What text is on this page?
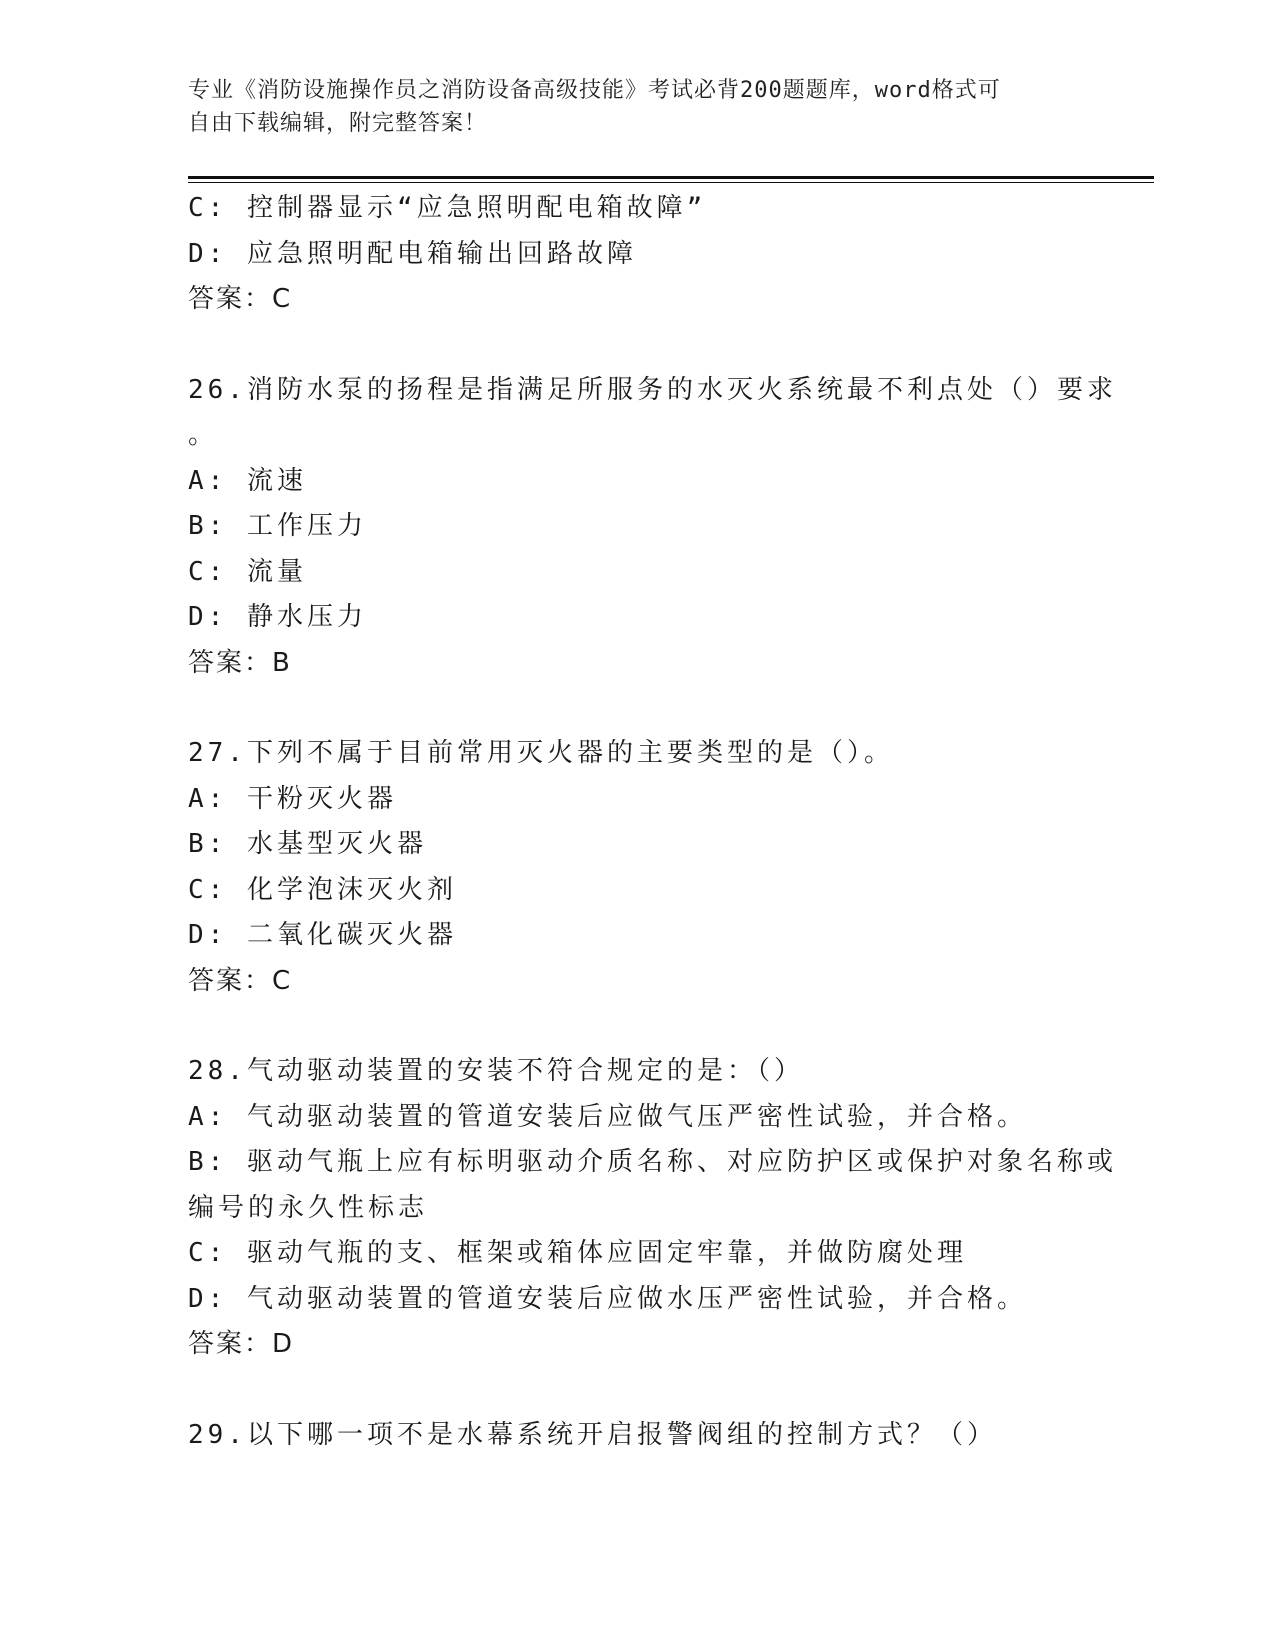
专业《消防设施操作员之消防设备高级技能》考试必背200题题库，word格式可
自由下载编辑，附完整答案！
C: 控制器显示“应急照明配电箱故障”
D: 应急照明配电箱输出回路故障
答案：C
26.消防水泵的扬程是指满足所服务的水灭火系统最不利点处（）要求
。
A: 流速
B: 工作压力
C: 流量
D: 静水压力
答案：B
27.下列不属于目前常用灭火器的主要类型的是（）。
A: 干粉灭火器
B: 水基型灭火器
C: 化学泡沫灭火剂
D: 二氧化碳灭火器
答案：C
28.气动驱动装置的安装不符合规定的是：（）
A: 气动驱动装置的管道安装后应做气压严密性试验，并合格。
B: 驱动气瓶上应有标明驱动介质名称、对应防护区或保护对象名称或
编号的永久性标志
C: 驱动气瓶的支、框架或箱体应固定牢靠，并做防腐处理
D: 气动驱动装置的管道安装后应做水压严密性试验，并合格。
答案：D
29.以下哪一项不是水幕系统开启报警阀组的控制方式？（）
